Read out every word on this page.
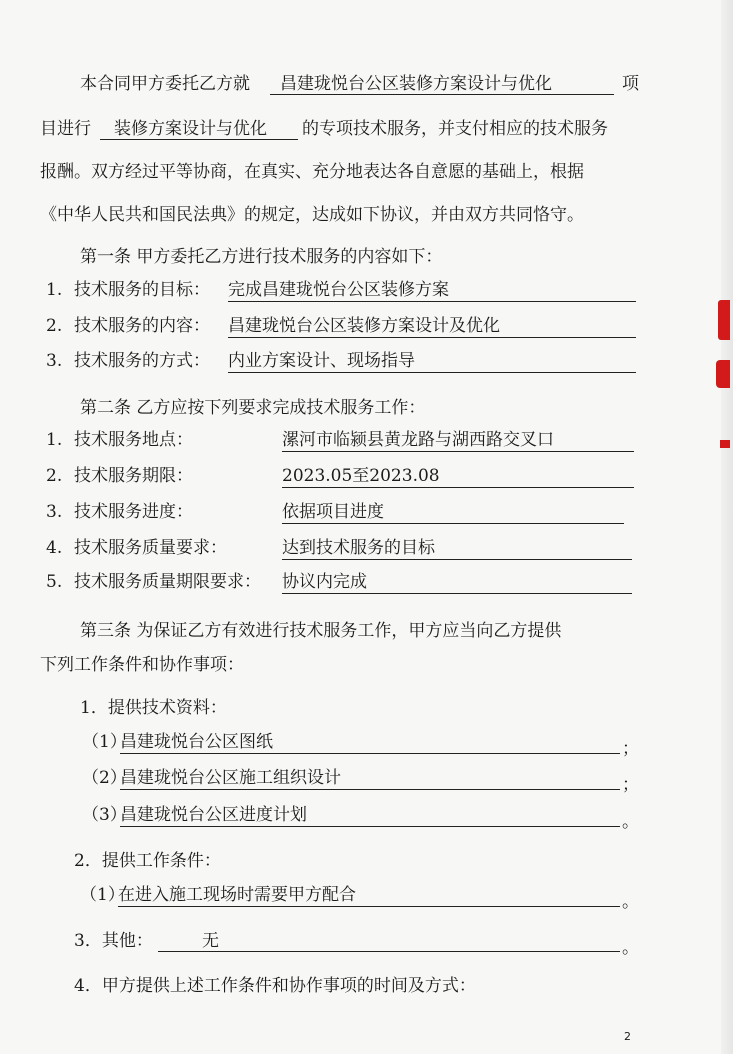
本合同甲方委托乙方就	昌建珑悦台公区装修方案设计与优化	项
目进行	装修方案设计与优化	的专项技术服务，并支付相应的技术服务
报酬。双方经过平等协商，在真实、充分地表达各自意愿的基础上，根据
《中华人民共和国民法典》的规定，达成如下协议，并由双方共同恪守。
第一条 甲方委托乙方进行技术服务的内容如下：
1. 技术服务的目标： 完成昌建珑悦台公区装修方案
2. 技术服务的内容： 昌建珑悦台公区装修方案设计及优化
3. 技术服务的方式： 内业方案设计、现场指导
第二条 乙方应按下列要求完成技术服务工作：
1. 技术服务地点：	漯河市临颍县黄龙路与湖西路交叉口
2. 技术服务期限：	2023.05至2023.08
3. 技术服务进度：	依据项目进度
4. 技术服务质量要求：	达到技术服务的目标
5. 技术服务质量期限要求： 协议内完成
第三条 为保证乙方有效进行技术服务工作，甲方应当向乙方提供
下列工作条件和协作事项：
1．提供技术资料：
（1）
昌建珑悦台公区图纸	；
（2）
昌建珑悦台公区施工组织设计	；
（3）
昌建珑悦台公区进度计划	。
2．提供工作条件：
（1）
在进入施工现场时需要甲方配合	。
3．其他：	无	。
4．甲方提供上述工作条件和协作事项的时间及方式：
2
